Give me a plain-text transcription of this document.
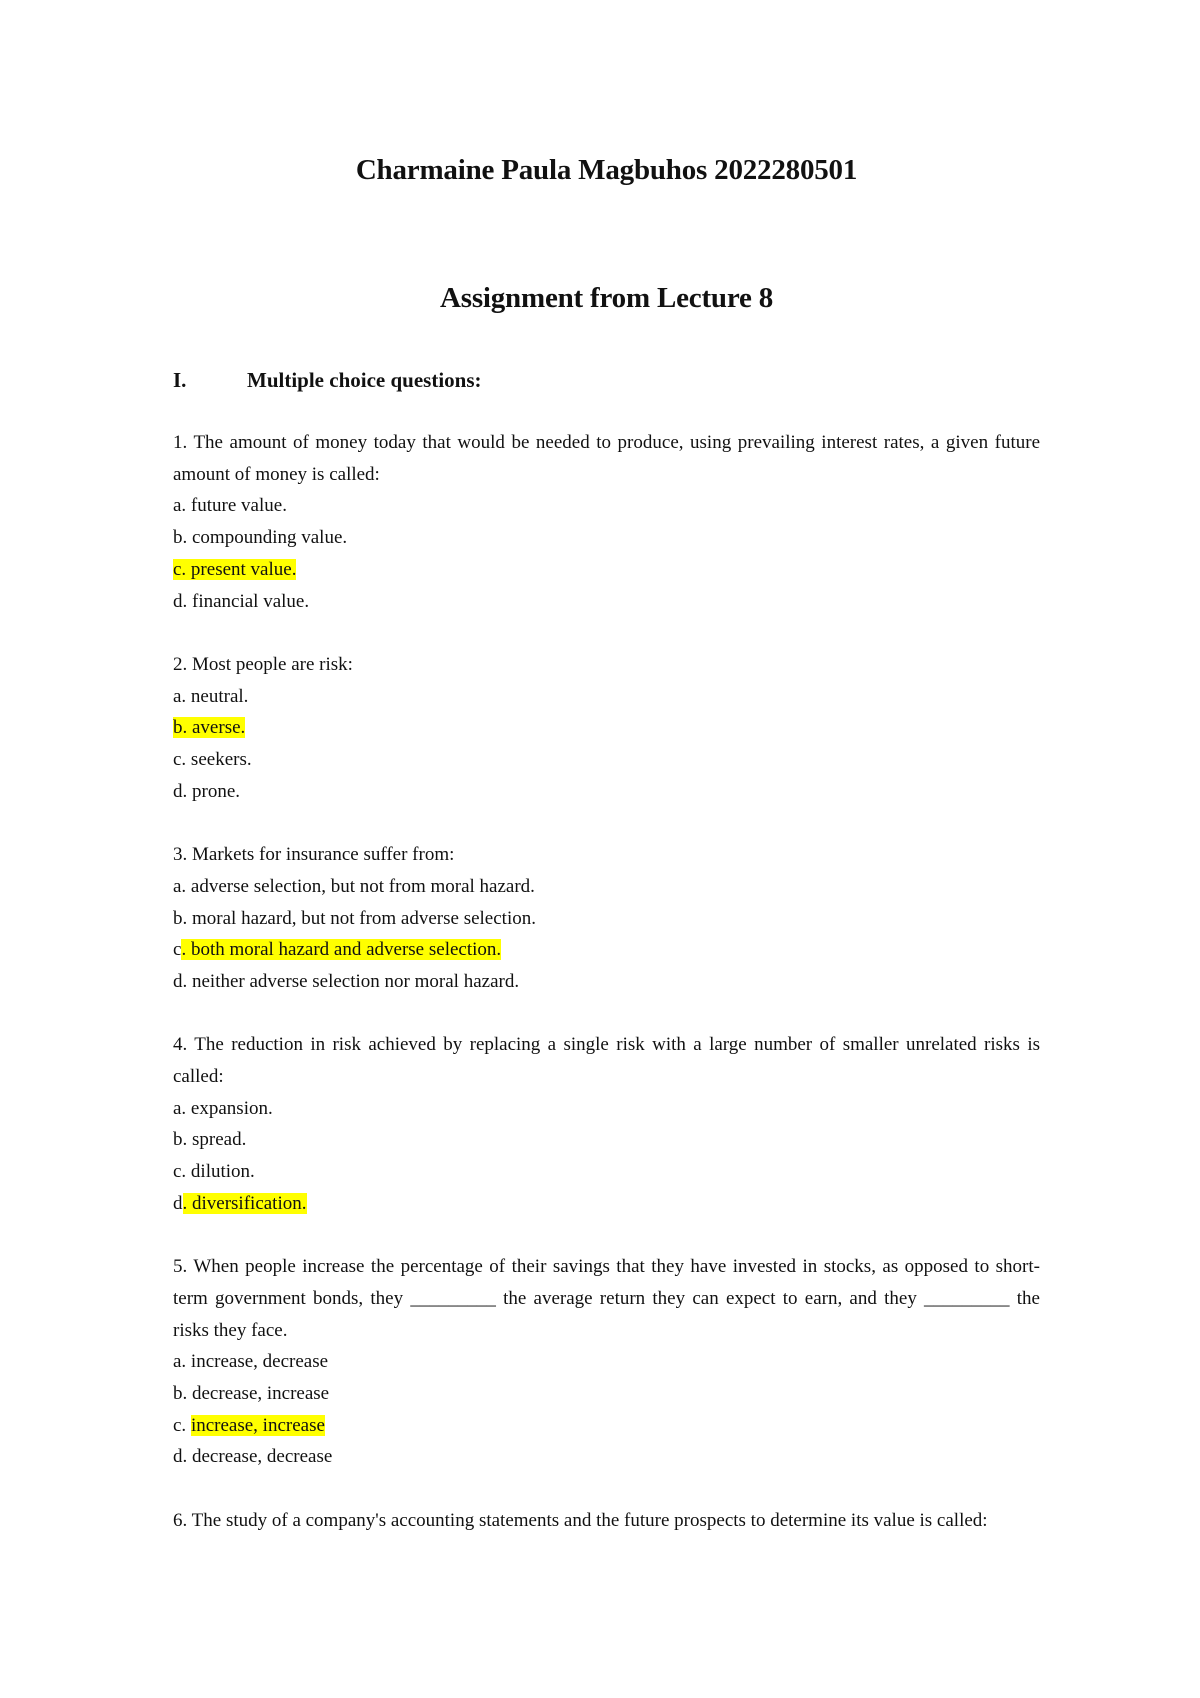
Charmaine Paula Magbuhos 2022280501
Assignment from Lecture 8
I.	Multiple choice questions:
1. The amount of money today that would be needed to produce, using prevailing interest rates, a given future amount of money is called:
a. future value.
b. compounding value.
c. present value.
d. financial value.
2. Most people are risk:
a. neutral.
b. averse.
c. seekers.
d. prone.
3. Markets for insurance suffer from:
a. adverse selection, but not from moral hazard.
b. moral hazard, but not from adverse selection.
c. both moral hazard and adverse selection.
d. neither adverse selection nor moral hazard.
4. The reduction in risk achieved by replacing a single risk with a large number of smaller unrelated risks is called:
a. expansion.
b. spread.
c. dilution.
d. diversification.
5. When people increase the percentage of their savings that they have invested in stocks, as opposed to short-term government bonds, they _________ the average return they can expect to earn, and they _________ the risks they face.
a. increase, decrease
b. decrease, increase
c. increase, increase
d. decrease, decrease
6. The study of a company's accounting statements and the future prospects to determine its value is called:
